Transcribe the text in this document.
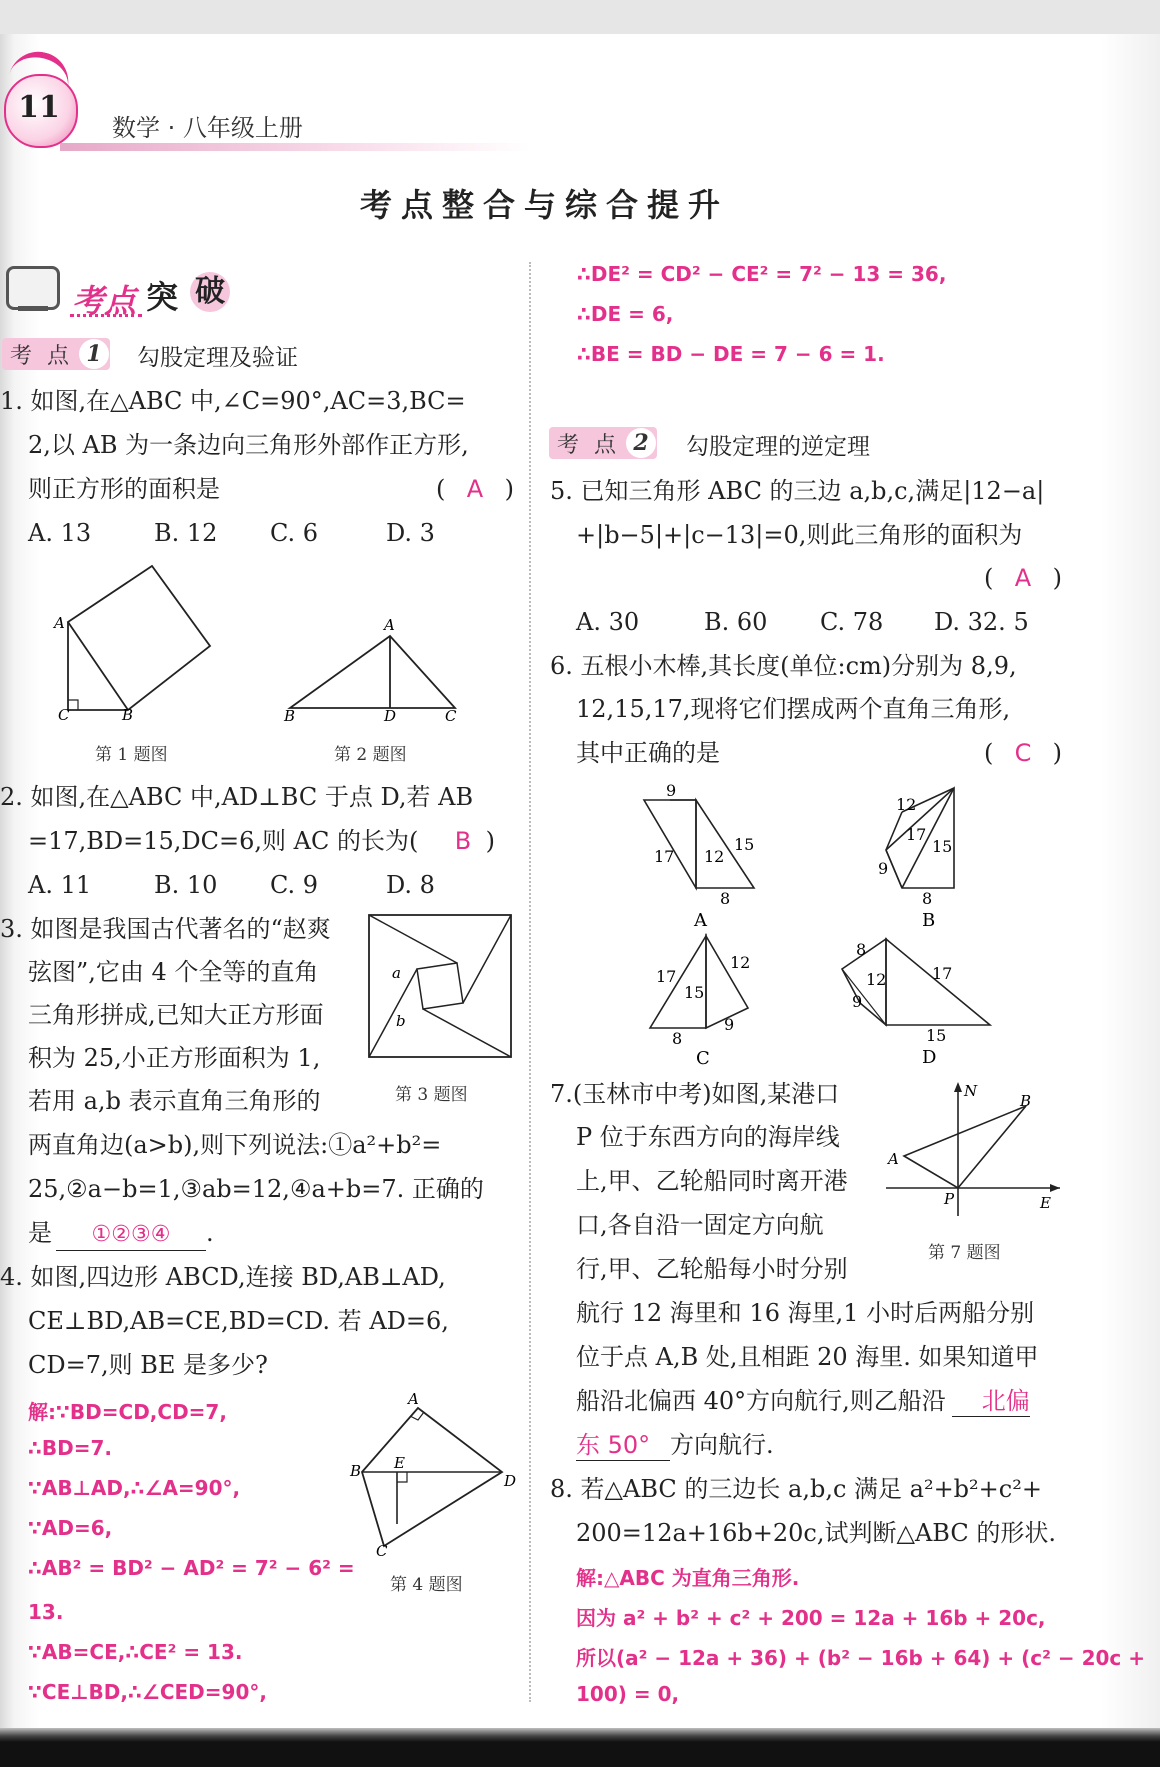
11
数学 · 八年级上册
考点整合与综合提升
考点 突 破
考 点 1	勾股定理及验证
1. 如图,在△ABC 中,∠C=90°,AC=3,BC=
2,以 AB 为一条边向三角形外部作正方形,
则正方形的面积是	( A )
A. 13	B. 12 C. 6	D. 3
A
C	B
第 1 题图
A
B	D	C
第 2 题图
2. 如图,在△ABC 中,AD⊥BC 于点 D,若 AB
=17,BD=15,DC=6,则 AC 的长为( B )
A. 11	B. 10 C. 9	D. 8
3. 如图是我国古代著名的“赵爽
弦图”,它由 4 个全等的直角
三角形拼成,已知大正方形面
积为 25,小正方形面积为 1,
若用 a,b 表示直角三角形的
两直角边(a>b),则下列说法:①a²+b²=
25,②a−b=1,③ab=12,④a+b=7. 正确的
是 ①②③④ .
a
b
第 3 题图
4. 如图,四边形 ABCD,连接 BD,AB⊥AD,
CE⊥BD,AB=CE,BD=CD. 若 AD=6,
CD=7,则 BE 是多少?
解:∵BD=CD,CD=7,
∴BD=7.
∵AB⊥AD,∴∠A=90°,
∵AD=6,
∴AB² = BD² − AD² = 7² − 6² =
13.
∵AB=CE,∴CE² = 13.
∵CE⊥BD,∴∠CED=90°,
A
B E
D
C
第 4 题图
∴DE² = CD² − CE² = 7² − 13 = 36,
∴DE = 6,
∴BE = BD − DE = 7 − 6 = 1.
考 点 2	勾股定理的逆定理
5. 已知三角形 ABC 的三边 a,b,c,满足|12−a|
+|b−5|+|c−13|=0,则此三角形的面积为
( A )
A. 30	B. 60 C. 78 D. 32. 5
6. 五根小木棒,其长度(单位:cm)分别为 8,9,
12,15,17,现将它们摆成两个直角三角形,
其中正确的是	( C )
9
17 12
15
8
A
12
17
15
9
8
B
17
12
15
8
9
C
8
12	17
9
15
D
7.(玉林市中考)如图,某港口
P 位于东西方向的海岸线
上,甲、乙轮船同时离开港
口,各自沿一固定方向航
行,甲、乙轮船每小时分别
航行 12 海里和 16 海里,1 小时后两船分别
位于点 A,B 处,且相距 20 海里. 如果知道甲
船沿北偏西 40°方向航行,则乙船沿 北偏
东 50° 方向航行.
N
B
A
P	E
第 7 题图
8. 若△ABC 的三边长 a,b,c 满足 a²+b²+c²+
200=12a+16b+20c,试判断△ABC 的形状.
解:△ABC 为直角三角形.
因为 a² + b² + c² + 200 = 12a + 16b + 20c,
所以(a² − 12a + 36) + (b² − 16b + 64) + (c² − 20c +
100) = 0,
